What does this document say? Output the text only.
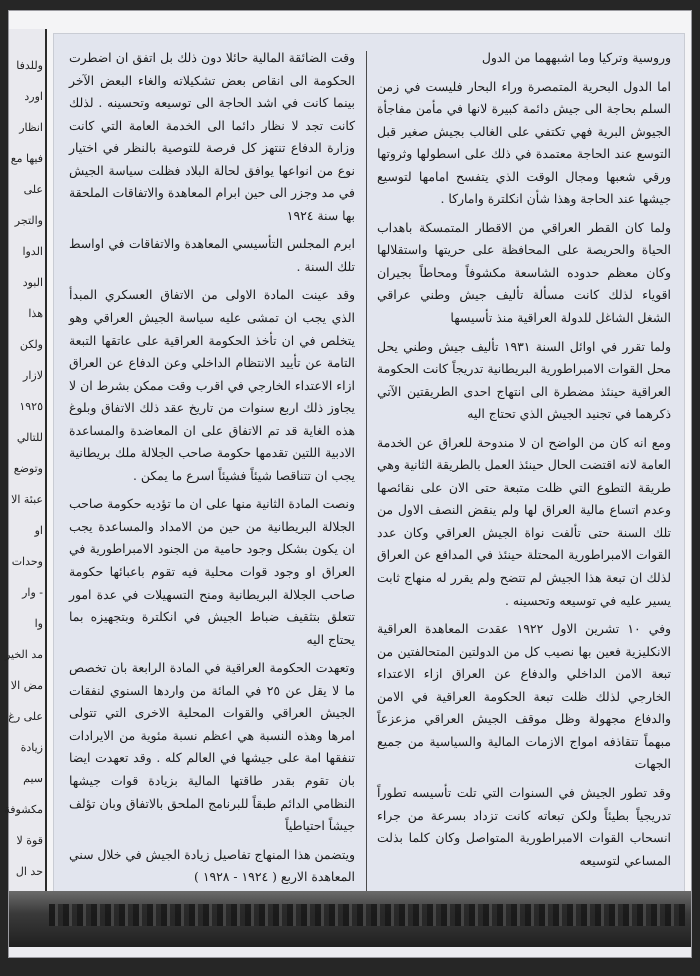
وللدفا
اورد
انظار
فيها مع
على
والتجر
الدوا
البود
هذا
ولكن
لازار
١٩٢٥
للتالي
وتوضع
عبئة الا
او
وحدات
- وار
وا
مد الخير
مض الا
على رغ
زيادة
سيم
مكشوفة
قوة لا
حد ال

وروسية وتركيا وما اشبههما من الدول

اما الدول البحرية المتمصرة وراء البحار فليست في زمن السلم بحاجة الى جيش دائمة كبيرة لانها في مأمن مفاجأة الجيوش البرية فهي تكتفي على الغالب بجيش صغير قبل التوسع عند الحاجة معتمدة في ذلك على اسطولها وثروتها ورقي شعبها ومجال الوقت الذي يتفسح امامها لتوسيع جيشها عند الحاجة وهذا شأن انكلترة واماركا .

ولما كان القطر العراقي من الاقطار المتمسكة باهداب الحياة والحريصة على المحافظة على حريتها واستقلالها وكان معظم حدوده الشاسعة مكشوفاً ومحاطاً بجيران اقوياء لذلك كانت مسألة تأليف جيش وطني عراقي الشغل الشاغل للدولة العراقية منذ تأسيسها

ولما تقرر في اوائل السنة ١٩٣١ تأليف جيش وطني يحل محل القوات الامبراطورية البريطانية تدريجاً كانت الحكومة العراقية حينئذ مضطرة الى انتهاج احدى الطريقتين الآتي ذكرهما في تجنيد الجيش الذي تحتاج اليه

ومع انه كان من الواضح ان لا مندوحة للعراق عن الخدمة العامة لانه اقتضت الحال حينئذ العمل بالطريقة الثانية وهي طريقة التطوع التي ظلت متبعة حتى الان على نقائصها وعدم اتساع مالية العراق لها ولم ينقض النصف الاول من تلك السنة حتى تألفت نواة الجيش العراقي وكان عدد القوات الامبراطورية المحتلة حينئذ في المدافع عن العراق لذلك ان تبعة هذا الجيش لم تتضح ولم يقرر له منهاج ثابت يسير عليه في توسيعه وتحسينه .

وفي ١٠ تشرين الاول ١٩٢٢ عقدت المعاهدة العراقية الانكليزية فعين بها نصيب كل من الدولتين المتحالفتين من تبعة الامن الداخلي والدفاع عن العراق ازاء الاعتداء الخارجي لذلك ظلت تبعة الحكومة العراقية في الامن والدفاع مجهولة وظل موقف الجيش العراقي مزعزعاً مبهماً تتقاذفه امواج الازمات المالية والسياسية من جميع الجهات

وقد تطور الجيش في السنوات التي تلت تأسيسه تطوراً تدريجياً بطيئاً ولكن تبعاته كانت تزداد بسرعة من جراء انسحاب القوات الامبراطورية المتواصل وكان كلما بذلت المساعي لتوسيعه

وقت الضائقة المالية حائلا دون ذلك بل اتفق ان اضطرت الحكومة الى انقاص بعض تشكيلاته والغاء البعض الآخر بينما كانت في اشد الحاجة الى توسيعه وتحسينه . لذلك كانت تجد لا نظار دائما الى الخدمة العامة التي كانت وزارة الدفاع تنتهز كل فرصة للتوصية بالنظر في اختيار نوع من انواعها يوافق لحالة البلاد فظلت سياسة الجيش في مد وجزر الى حين ابرام المعاهدة والاتفاقات الملحقة بها سنة ١٩٢٤

ابرم المجلس التأسيسي المعاهدة والاتفاقات في اواسط تلك السنة .

وقد عينت المادة الاولى من الاتفاق العسكري المبدأ الذي يجب ان تمشى عليه سياسة الجيش العراقي وهو يتخلص في ان تأخذ الحكومة العراقية على عاتقها التبعة التامة عن تأييد الانتظام الداخلي وعن الدفاع عن العراق ازاء الاعتداء الخارجي في اقرب وقت ممكن بشرط ان لا يجاوز ذلك اربع سنوات من تاريخ عقد ذلك الاتفاق وبلوغ هذه الغاية قد تم الاتفاق على ان المعاضدة والمساعدة الادبية اللتين تقدمها حكومة صاحب الجلالة ملك بريطانية يجب ان تتناقصا شيئاً فشيئاً اسرع ما يمكن .

ونصت المادة الثانية منها على ان ما تؤديه حكومة صاحب الجلالة البريطانية من حين من الامداد والمساعدة يجب ان يكون بشكل وجود حامية من الجنود الامبراطورية في العراق او وجود قوات محلية فيه تقوم باعبائها حكومة صاحب الجلالة البريطانية ومنح التسهيلات في عدة امور تتعلق بتثقيف ضباط الجيش في انكلترة وبتجهيزه بما يحتاج اليه

وتعهدت الحكومة العراقية في المادة الرابعة بان تخصص ما لا يقل عن ٢٥ في المائة من واردها السنوي لنفقات الجيش العراقي والقوات المحلية الاخرى التي تتولى امرها وهذه النسبة هي اعظم نسبة مئوية من الايرادات تنفقها امة على جيشها في العالم كله . وقد تعهدت ايضا بان تقوم بقدر طاقتها المالية بزيادة قوات جيشها النظامي الدائم طبقاً للبرنامج الملحق بالاتفاق وبان تؤلف جيشاً احتياطياً

ويتضمن هذا المنهاج تفاصيل زيادة الجيش في خلال سني المعاهدة الاربع ( ١٩٢٤ - ١٩٢٨ )
